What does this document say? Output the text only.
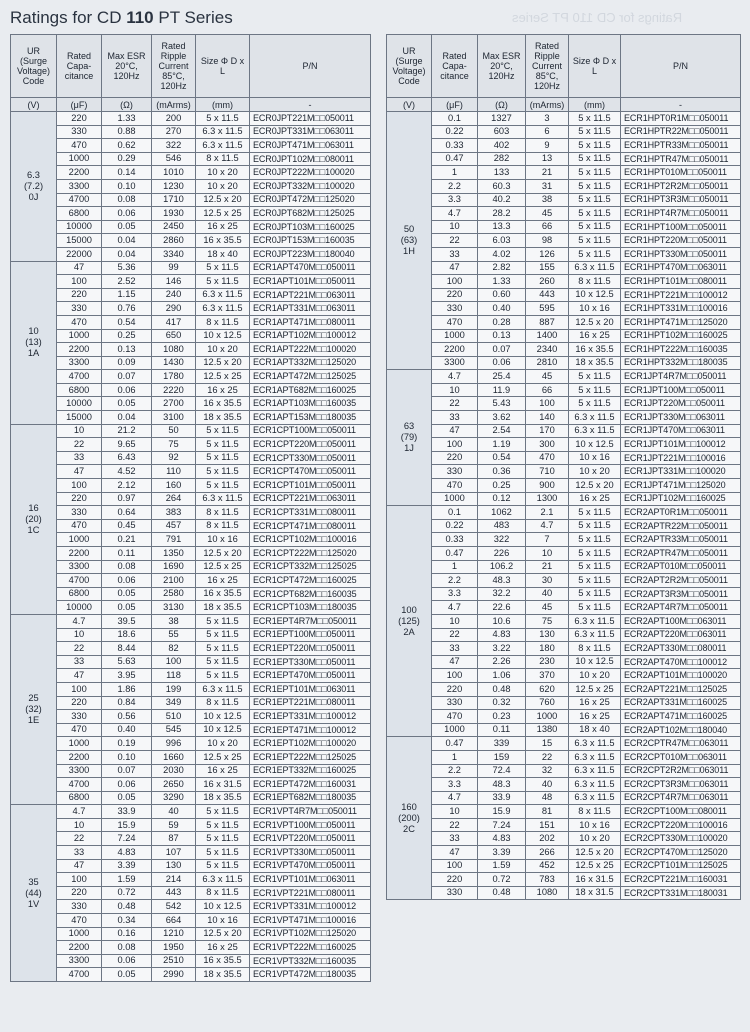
Ratings for CD 110 PT Series	Ratings for CD 110 PT Series
UR (Surge Voltage) Code	Rated Capa- citance	Max ESR 20°C, 120Hz	Rated Ripple Current 85°C, 120Hz	Size Φ D x L	P/N
(V)	(μF)	(Ω)	(mArms)	(mm)	-
6.3
(7.2)
0J	220	1.33	200	5 x 11.5	ECR0JPT221M□□050011
	330	0.88	270	6.3 x 11.5	ECR0JPT331M□□063011
	470	0.62	322	6.3 x 11.5	ECR0JPT471M□□063011
	1000	0.29	546	8 x 11.5	ECR0JPT102M□□080011
	2200	0.14	1010	10 x 20	ECR0JPT222M□□100020
	3300	0.10	1230	10 x 20	ECR0JPT332M□□100020
	4700	0.08	1710	12.5 x 20	ECR0JPT472M□□125020
	6800	0.06	1930	12.5 x 25	ECR0JPT682M□□125025
	10000	0.05	2450	16 x 25	ECR0JPT103M□□160025
	15000	0.04	2860	16 x 35.5	ECR0JPT153M□□160035
	22000	0.04	3340	18 x 40	ECR0JPT223M□□180040
10
(13)
1A	47	5.36	99	5 x 11.5	ECR1APT470M□□050011
	100	2.52	146	5 x 11.5	ECR1APT101M□□050011
	220	1.15	240	6.3 x 11.5	ECR1APT221M□□063011
	330	0.76	290	6.3 x 11.5	ECR1APT331M□□063011
	470	0.54	417	8 x 11.5	ECR1APT471M□□080011
	1000	0.25	650	10 x 12.5	ECR1APT102M□□100012
	2200	0.13	1080	10 x 20	ECR1APT222M□□100020
	3300	0.09	1430	12.5 x 20	ECR1APT332M□□125020
	4700	0.07	1780	12.5 x 25	ECR1APT472M□□125025
	6800	0.06	2220	16 x 25	ECR1APT682M□□160025
	10000	0.05	2700	16 x 35.5	ECR1APT103M□□160035
	15000	0.04	3100	18 x 35.5	ECR1APT153M□□180035
16
(20)
1C	10	21.2	50	5 x 11.5	ECR1CPT100M□□050011
	22	9.65	75	5 x 11.5	ECR1CPT220M□□050011
	33	6.43	92	5 x 11.5	ECR1CPT330M□□050011
	47	4.52	110	5 x 11.5	ECR1CPT470M□□050011
	100	2.12	160	5 x 11.5	ECR1CPT101M□□050011
	220	0.97	264	6.3 x 11.5	ECR1CPT221M□□063011
	330	0.64	383	8 x 11.5	ECR1CPT331M□□080011
	470	0.45	457	8 x 11.5	ECR1CPT471M□□080011
	1000	0.21	791	10 x 16	ECR1CPT102M□□100016
	2200	0.11	1350	12.5 x 20	ECR1CPT222M□□125020
	3300	0.08	1690	12.5 x 25	ECR1CPT332M□□125025
	4700	0.06	2100	16 x 25	ECR1CPT472M□□160025
	6800	0.05	2580	16 x 35.5	ECR1CPT682M□□160035
	10000	0.05	3130	18 x 35.5	ECR1CPT103M□□180035
25
(32)
1E	4.7	39.5	38	5 x 11.5	ECR1EPT4R7M□□050011
	10	18.6	55	5 x 11.5	ECR1EPT100M□□050011
	22	8.44	82	5 x 11.5	ECR1EPT220M□□050011
	33	5.63	100	5 x 11.5	ECR1EPT330M□□050011
	47	3.95	118	5 x 11.5	ECR1EPT470M□□050011
	100	1.86	199	6.3 x 11.5	ECR1EPT101M□□063011
	220	0.84	349	8 x 11.5	ECR1EPT221M□□080011
	330	0.56	510	10 x 12.5	ECR1EPT331M□□100012
	470	0.40	545	10 x 12.5	ECR1EPT471M□□100012
	1000	0.19	996	10 x 20	ECR1EPT102M□□100020
	2200	0.10	1660	12.5 x 25	ECR1EPT222M□□125025
	3300	0.07	2030	16 x 25	ECR1EPT332M□□160025
	4700	0.06	2650	16 x 31.5	ECR1EPT472M□□160031
	6800	0.05	3290	18 x 35.5	ECR1EPT682M□□180035
35
(44)
1V	4.7	33.9	40	5 x 11.5	ECR1VPT4R7M□□050011
	10	15.9	59	5 x 11.5	ECR1VPT100M□□050011
	22	7.24	87	5 x 11.5	ECR1VPT220M□□050011
	33	4.83	107	5 x 11.5	ECR1VPT330M□□050011
	47	3.39	130	5 x 11.5	ECR1VPT470M□□050011
	100	1.59	214	6.3 x 11.5	ECR1VPT101M□□063011
	220	0.72	443	8 x 11.5	ECR1VPT221M□□080011
	330	0.48	542	10 x 12.5	ECR1VPT331M□□100012
	470	0.34	664	10 x 16	ECR1VPT471M□□100016
	1000	0.16	1210	12.5 x 20	ECR1VPT102M□□125020
	2200	0.08	1950	16 x 25	ECR1VPT222M□□160025
	3300	0.06	2510	16 x 35.5	ECR1VPT332M□□160035
	4700	0.05	2990	18 x 35.5	ECR1VPT472M□□180035
UR (Surge Voltage) Code	Rated Capa- citance	Max ESR 20°C, 120Hz	Rated Ripple Current 85°C, 120Hz	Size Φ D x L	P/N
(V)	(μF)	(Ω)	(mArms)	(mm)	-
50
(63)
1H	0.1	1327	3	5 x 11.5	ECR1HPT0R1M□□050011
	0.22	603	6	5 x 11.5	ECR1HPTR22M□□050011
	0.33	402	9	5 x 11.5	ECR1HPTR33M□□050011
	0.47	282	13	5 x 11.5	ECR1HPTR47M□□050011
	1	133	21	5 x 11.5	ECR1HPT010M□□050011
	2.2	60.3	31	5 x 11.5	ECR1HPT2R2M□□050011
	3.3	40.2	38	5 x 11.5	ECR1HPT3R3M□□050011
	4.7	28.2	45	5 x 11.5	ECR1HPT4R7M□□050011
	10	13.3	66	5 x 11.5	ECR1HPT100M□□050011
	22	6.03	98	5 x 11.5	ECR1HPT220M□□050011
	33	4.02	126	5 x 11.5	ECR1HPT330M□□050011
	47	2.82	155	6.3 x 11.5	ECR1HPT470M□□063011
	100	1.33	260	8 x 11.5	ECR1HPT101M□□080011
	220	0.60	443	10 x 12.5	ECR1HPT221M□□100012
	330	0.40	595	10 x 16	ECR1HPT331M□□100016
	470	0.28	887	12.5 x 20	ECR1HPT471M□□125020
	1000	0.13	1400	16 x 25	ECR1HPT102M□□160025
	2200	0.07	2340	16 x 35.5	ECR1HPT222M□□160035
	3300	0.06	2810	18 x 35.5	ECR1HPT332M□□180035
63
(79)
1J	4.7	25.4	45	5 x 11.5	ECR1JPT4R7M□□050011
	10	11.9	66	5 x 11.5	ECR1JPT100M□□050011
	22	5.43	100	5 x 11.5	ECR1JPT220M□□050011
	33	3.62	140	6.3 x 11.5	ECR1JPT330M□□063011
	47	2.54	170	6.3 x 11.5	ECR1JPT470M□□063011
	100	1.19	300	10 x 12.5	ECR1JPT101M□□100012
	220	0.54	470	10 x 16	ECR1JPT221M□□100016
	330	0.36	710	10 x 20	ECR1JPT331M□□100020
	470	0.25	900	12.5 x 20	ECR1JPT471M□□125020
	1000	0.12	1300	16 x 25	ECR1JPT102M□□160025
100
(125)
2A	0.1	1062	2.1	5 x 11.5	ECR2APT0R1M□□050011
	0.22	483	4.7	5 x 11.5	ECR2APTR22M□□050011
	0.33	322	7	5 x 11.5	ECR2APTR33M□□050011
	0.47	226	10	5 x 11.5	ECR2APTR47M□□050011
	1	106.2	21	5 x 11.5	ECR2APT010M□□050011
	2.2	48.3	30	5 x 11.5	ECR2APT2R2M□□050011
	3.3	32.2	40	5 x 11.5	ECR2APT3R3M□□050011
	4.7	22.6	45	5 x 11.5	ECR2APT4R7M□□050011
	10	10.6	75	6.3 x 11.5	ECR2APT100M□□063011
	22	4.83	130	6.3 x 11.5	ECR2APT220M□□063011
	33	3.22	180	8 x 11.5	ECR2APT330M□□080011
	47	2.26	230	10 x 12.5	ECR2APT470M□□100012
	100	1.06	370	10 x 20	ECR2APT101M□□100020
	220	0.48	620	12.5 x 25	ECR2APT221M□□125025
	330	0.32	760	16 x 25	ECR2APT331M□□160025
	470	0.23	1000	16 x 25	ECR2APT471M□□160025
	1000	0.11	1380	18 x 40	ECR2APT102M□□180040
160
(200)
2C	0.47	339	15	6.3 x 11.5	ECR2CPTR47M□□063011
	1	159	22	6.3 x 11.5	ECR2CPT010M□□063011
	2.2	72.4	32	6.3 x 11.5	ECR2CPT2R2M□□063011
	3.3	48.3	40	6.3 x 11.5	ECR2CPT3R3M□□063011
	4.7	33.9	48	6.3 x 11.5	ECR2CPT4R7M□□063011
	10	15.9	81	8 x 11.5	ECR2CPT100M□□080011
	22	7.24	151	10 x 16	ECR2CPT220M□□100016
	33	4.83	202	10 x 20	ECR2CPT330M□□100020
	47	3.39	266	12.5 x 20	ECR2CPT470M□□125020
	100	1.59	452	12.5 x 25	ECR2CPT101M□□125025
	220	0.72	783	16 x 31.5	ECR2CPT221M□□160031
	330	0.48	1080	18 x 31.5	ECR2CPT331M□□180031
